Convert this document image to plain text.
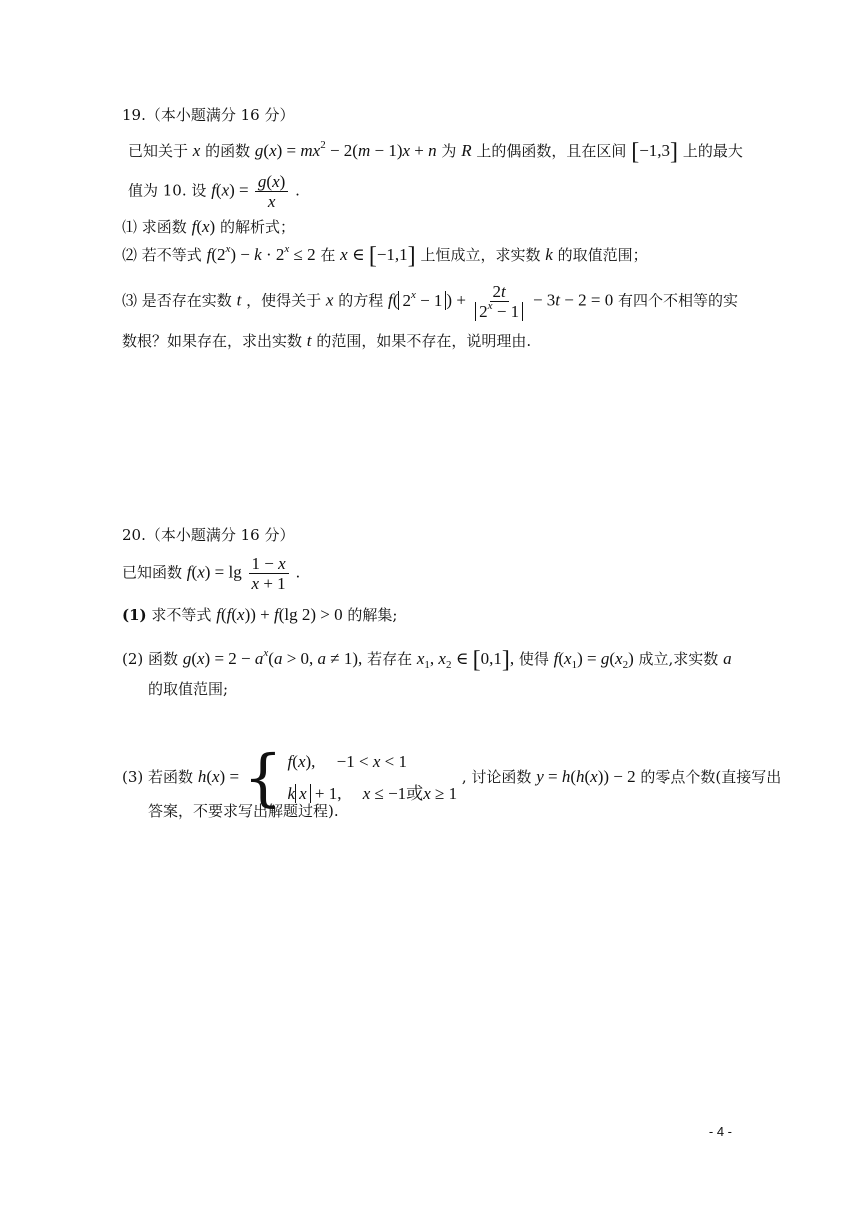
19.（本小题满分 16 分）
已知关于 x 的函数 $g(x) = mx^2 - 2(m - 1)x + n$ 为 R 上的偶函数，且在区间 [−1,3] 上的最大
值为 10. 设 $f(x) = \frac{g(x)}{x}$ .
⑴ 求函数 f(x) 的解析式；
⑵ 若不等式 $f(2^x) - k \cdot 2^x \le 2$ 在 x ∈ [−1,1] 上恒成立，求实数 k 的取值范围；
⑶ 是否存在实数 t ，使得关于 x 的方程 f( $2^x - 1$ ) + $\frac{2t}{2^x - 1} - 3t - 2 = 0$ 有四个不相等的实
数根？如果存在，求出实数 t 的范围，如果不存在，说明理由.
20.（本小题满分 16 分）
已知函数 $f(x) = \lg \frac{1 - x}{x + 1}$ .
(1) 求不等式 f(f(x)) + f(lg 2) > 0 的解集;
(2) 函数 $g(x) = 2 - a^x(a > 0$, a ≠ 1), 若存在 $x_1$, $x_2$ ∈ [0,1], 使得 $f(x_1) = g(x_2)$ 成立,求实数 a
的取值范围;
(3) 若函数 h(x) = { f(x),     −1 < x < 1
k x + 1,     x ≤ −1或x ≥ 1
, 讨论函数 y = h(h(x)) − 2 的零点个数(直接写出
答案，不要求写出解题过程).
- 4 -
